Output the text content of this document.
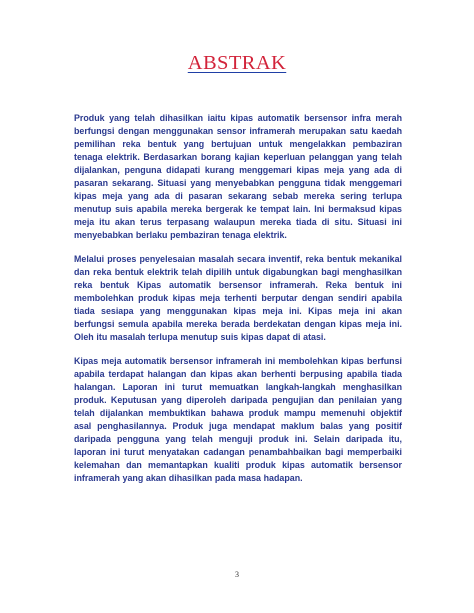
ABSTRAK

Produk yang telah dihasilkan iaitu kipas automatik bersensor infra merah berfungsi dengan menggunakan sensor inframerah merupakan satu kaedah pemilihan reka bentuk yang bertujuan untuk mengelakkan pembaziran tenaga elektrik. Berdasarkan borang kajian keperluan pelanggan yang telah dijalankan, penguna didapati kurang menggemari kipas meja yang ada di pasaran sekarang. Situasi yang menyebabkan pengguna tidak menggemari kipas meja yang ada di pasaran sekarang sebab mereka sering terlupa menutup suis apabila mereka bergerak ke tempat lain. Ini bermaksud kipas meja itu akan terus terpasang walaupun mereka tiada di situ. Situasi ini menyebabkan berlaku pembaziran tenaga elektrik.

Melalui proses penyelesaian masalah secara inventif, reka bentuk mekanikal dan reka bentuk elektrik telah dipilih untuk digabungkan bagi menghasilkan reka bentuk Kipas automatik bersensor inframerah. Reka bentuk ini membolehkan produk kipas meja terhenti berputar dengan sendiri apabila tiada sesiapa yang menggunakan kipas meja ini. Kipas meja ini akan berfungsi semula apabila mereka berada berdekatan dengan kipas meja ini. Oleh itu masalah terlupa menutup suis kipas dapat di atasi.

Kipas meja automatik bersensor inframerah ini membolehkan kipas berfunsi apabila terdapat halangan dan kipas akan berhenti berpusing apabila tiada halangan. Laporan ini turut memuatkan langkah-langkah menghasilkan produk. Keputusan yang diperoleh daripada pengujian dan penilaian yang telah dijalankan membuktikan bahawa produk mampu memenuhi objektif asal penghasilannya. Produk juga mendapat maklum balas yang positif daripada pengguna yang telah menguji produk ini. Selain daripada itu, laporan ini turut menyatakan cadangan penambahbaikan bagi memperbaiki kelemahan dan memantapkan kualiti produk kipas automatik bersensor inframerah yang akan dihasilkan pada masa hadapan.

3
